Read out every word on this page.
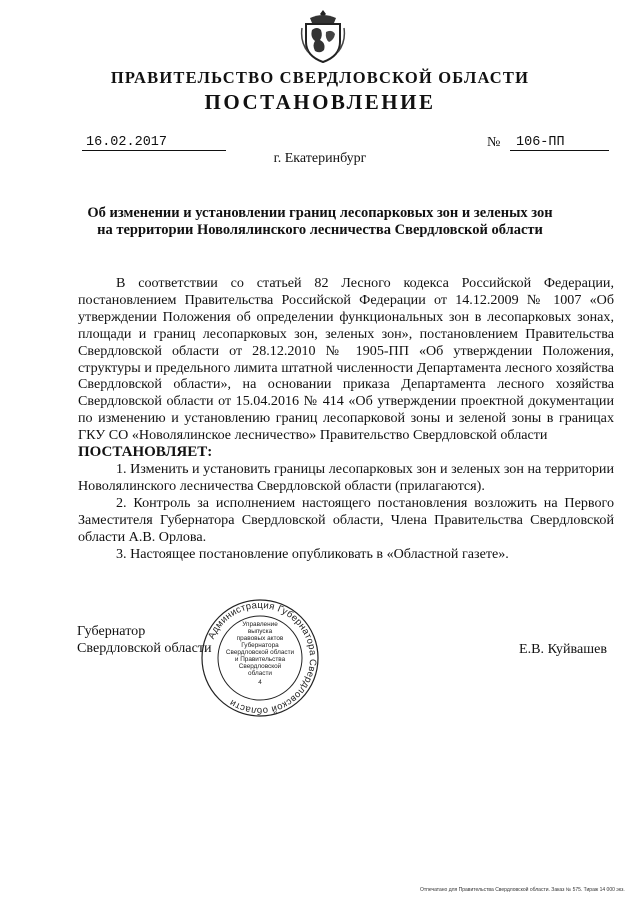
ПРАВИТЕЛЬСТВО СВЕРДЛОВСКОЙ ОБЛАСТИ
ПОСТАНОВЛЕНИЕ
16.02.2017	№	106-ПП
г. Екатеринбург
Об изменении и установлении границ лесопарковых зон и зеленых зон
на территории Новолялинского лесничества Свердловской области

В соответствии со статьей 82 Лесного кодекса Российской Федерации, постановлением Правительства Российской Федерации от 14.12.2009 № 1007 «Об утверждении Положения об определении функциональных зон в лесопарковых зонах, площади и границ лесопарковых зон, зеленых зон», постановлением Правительства Свердловской области от 28.12.2010 № 1905-ПП «Об утверждении Положения, структуры и предельного лимита штатной численности Департамента лесного хозяйства Свердловской области», на основании приказа Департамента лесного хозяйства Свердловской области от 15.04.2016 № 414 «Об утверждении проектной документации по изменению и установлению границ лесопарковой зоны и зеленой зоны в границах ГКУ СО «Новолялинское лесничество» Правительство Свердловской области

ПОСТАНОВЛЯЕТ:

1. Изменить и установить границы лесопарковых зон и зеленых зон на территории Новолялинского лесничества Свердловской области (прилагаются).

2. Контроль за исполнением настоящего постановления возложить на Первого Заместителя Губернатора Свердловской области, Члена Правительства Свердловской области А.В. Орлова.

3. Настоящее постановление опубликовать в «Областной газете».

Губернатор
Свердловской области	Е.В. Куйвашев
Администрация Губернатора Свердловской области
Управление
выпуска
правовых актов
Губернатора
Свердловской области
и Правительства
Свердловской
области
4
Отпечатано для Правительства Свердловской области. Заказ № 575. Тираж 14 000 экз.
